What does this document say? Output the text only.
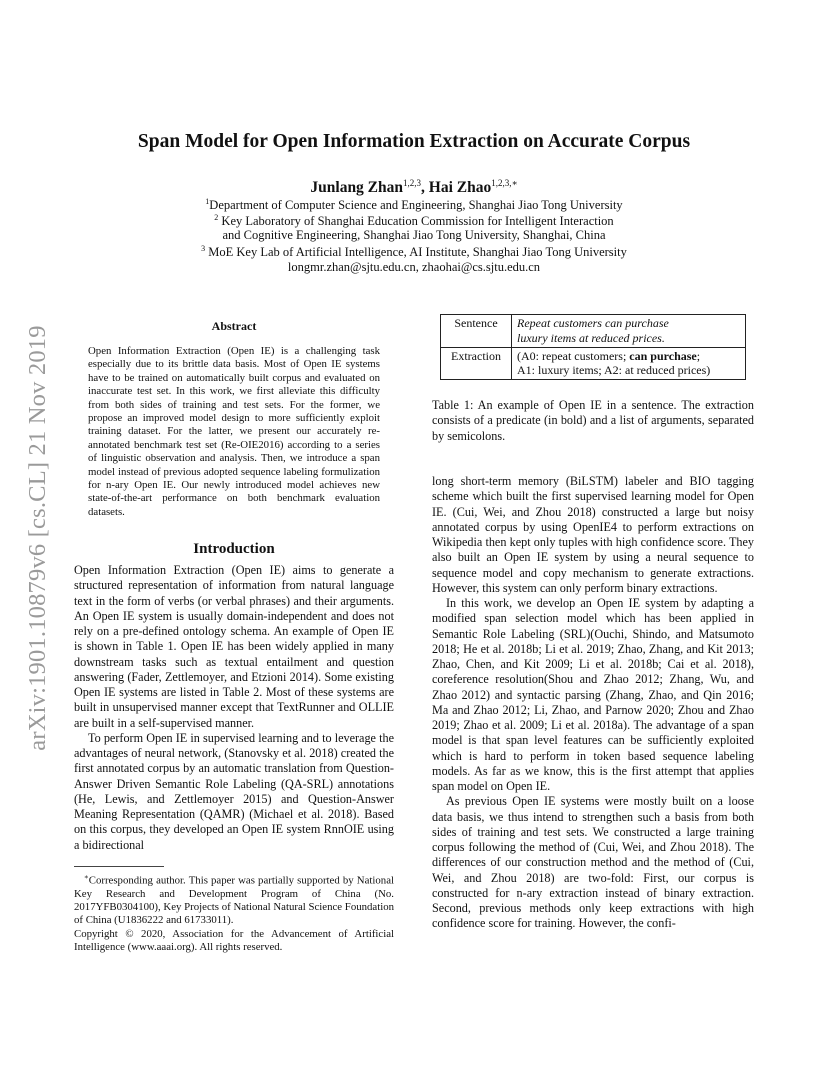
arXiv:1901.10879v6 [cs.CL] 21 Nov 2019
Span Model for Open Information Extraction on Accurate Corpus
Junlang Zhan$^{1,2,3}$, Hai Zhao$^{1,2,3,∗}$
$^1$Department of Computer Science and Engineering, Shanghai Jiao Tong University
$^2$ Key Laboratory of Shanghai Education Commission for Intelligent Interaction
and Cognitive Engineering, Shanghai Jiao Tong University, Shanghai, China
$^3$ MoE Key Lab of Artificial Intelligence, AI Institute, Shanghai Jiao Tong University
longmr.zhan@sjtu.edu.cn, zhaohai@cs.sjtu.edu.cn
Abstract
Open Information Extraction (Open IE) is a challenging task especially due to its brittle data basis. Most of Open IE systems have to be trained on automatically built corpus and evaluated on inaccurate test set. In this work, we first alleviate this difficulty from both sides of training and test sets. For the former, we propose an improved model design to more sufficiently exploit training dataset. For the latter, we present our accurately re-annotated benchmark test set (Re-OIE2016) according to a series of linguistic observation and analysis. Then, we introduce a span model instead of previous adopted sequence labeling formulization for n-ary Open IE. Our newly introduced model achieves new state-of-the-art performance on both benchmark evaluation datasets.
Introduction

Open Information Extraction (Open IE) aims to generate a structured representation of information from natural language text in the form of verbs (or verbal phrases) and their arguments. An Open IE system is usually domain-independent and does not rely on a pre-defined ontology schema. An example of Open IE is shown in Table 1. Open IE has been widely applied in many downstream tasks such as textual entailment and question answering (Fader, Zettlemoyer, and Etzioni 2014). Some existing Open IE systems are listed in Table 2. Most of these systems are built in unsupervised manner except that TextRunner and OLLIE are built in a self-supervised manner.

To perform Open IE in supervised learning and to leverage the advantages of neural network, (Stanovsky et al. 2018) created the first annotated corpus by an automatic translation from Question-Answer Driven Semantic Role Labeling (QA-SRL) annotations (He, Lewis, and Zettlemoyer 2015) and Question-Answer Meaning Representation (QAMR) (Michael et al. 2018). Based on this corpus, they developed an Open IE system RnnOIE using a bidirectional

∗Corresponding author. This paper was partially supported by National Key Research and Development Program of China (No. 2017YFB0304100), Key Projects of National Natural Science Foundation of China (U1836222 and 61733011).

Copyright © 2020, Association for the Advancement of Artificial Intelligence (www.aaai.org). All rights reserved.

Sentence	Repeat customers can purchase
luxury items at reduced prices.
Extraction	(A0: repeat customers; can purchase;
A1: luxury items; A2: at reduced prices)
Table 1: An example of Open IE in a sentence. The extraction consists of a predicate (in bold) and a list of arguments, separated by semicolons.

long short-term memory (BiLSTM) labeler and BIO tagging scheme which built the first supervised learning model for Open IE. (Cui, Wei, and Zhou 2018) constructed a large but noisy annotated corpus by using OpenIE4 to perform extractions on Wikipedia then kept only tuples with high confidence score. They also built an Open IE system by using a neural sequence to sequence model and copy mechanism to generate extractions. However, this system can only perform binary extractions.

In this work, we develop an Open IE system by adapting a modified span selection model which has been applied in Semantic Role Labeling (SRL)(Ouchi, Shindo, and Matsumoto 2018; He et al. 2018b; Li et al. 2019; Zhao, Zhang, and Kit 2013; Zhao, Chen, and Kit 2009; Li et al. 2018b; Cai et al. 2018), coreference resolution(Shou and Zhao 2012; Zhang, Wu, and Zhao 2012) and syntactic parsing (Zhang, Zhao, and Qin 2016; Ma and Zhao 2012; Li, Zhao, and Parnow 2020; Zhou and Zhao 2019; Zhao et al. 2009; Li et al. 2018a). The advantage of a span model is that span level features can be sufficiently exploited which is hard to perform in token based sequence labeling models. As far as we know, this is the first attempt that applies span model on Open IE.

As previous Open IE systems were mostly built on a loose data basis, we thus intend to strengthen such a basis from both sides of training and test sets. We constructed a large training corpus following the method of (Cui, Wei, and Zhou 2018). The differences of our construction method and the method of (Cui, Wei, and Zhou 2018) are two-fold: First, our corpus is constructed for n-ary extraction instead of binary extraction. Second, previous methods only keep extractions with high confidence score for training. However, the confi-
